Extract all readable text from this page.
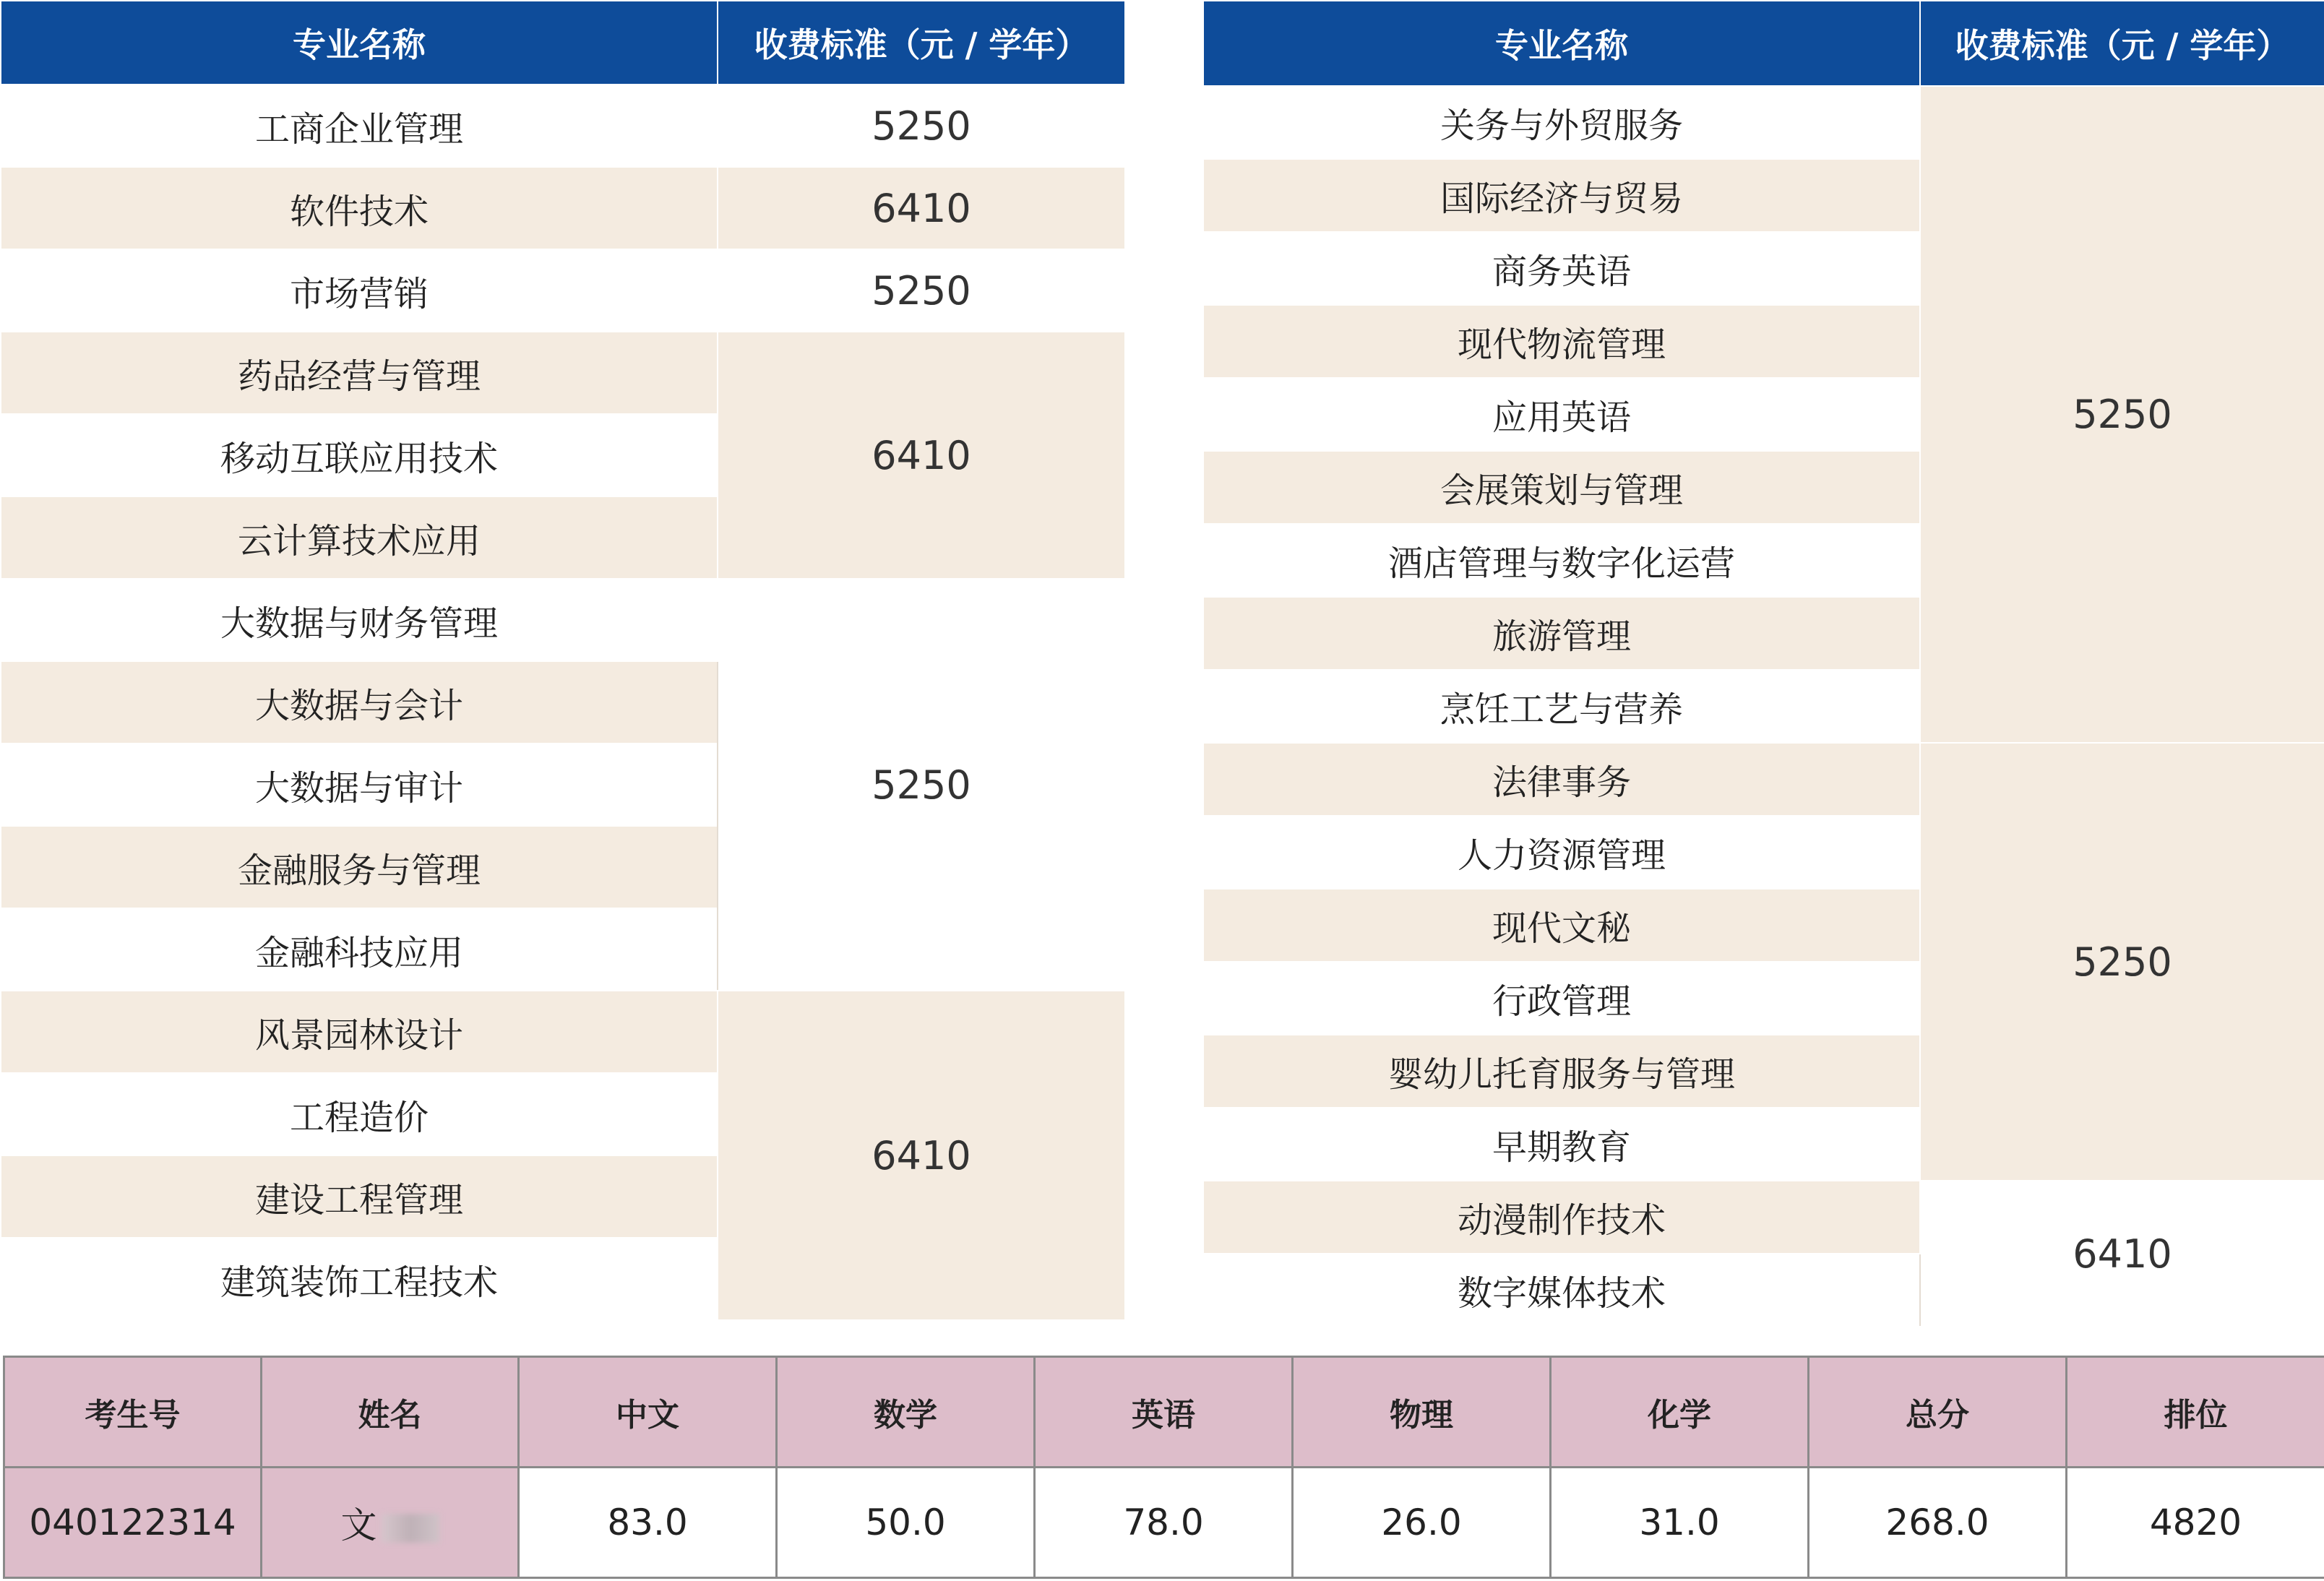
专业名称	收费标准（元 / 学年）
工商企业管理	5250
软件技术	6410
市场营销	5250
药品经营与管理	6410
移动互联应用技术	
云计算技术应用	
大数据与财务管理	5250
大数据与会计	
大数据与审计	
金融服务与管理	
金融科技应用	
风景园林设计	6410
工程造价	
建设工程管理	
建筑装饰工程技术	
专业名称	收费标准（元 / 学年）
关务与外贸服务	5250
国际经济与贸易	
商务英语	
现代物流管理	
应用英语	
会展策划与管理	
酒店管理与数字化运营	
旅游管理	
烹饪工艺与营养	
法律事务	5250
人力资源管理	
现代文秘	
行政管理	
婴幼儿托育服务与管理	
早期教育	
动漫制作技术	6410
数字媒体技术	
考生号	姓名	中文	数学	英语	物理	化学	总分	排位
040122314	文	83.0	50.0	78.0	26.0	31.0	268.0	4820
